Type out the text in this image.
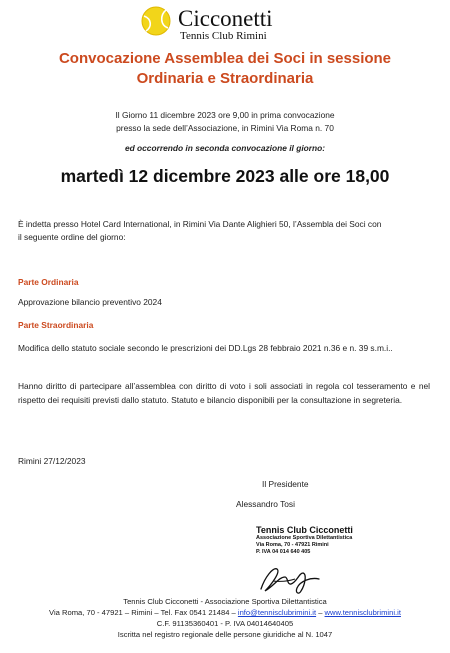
Cicconetti
Tennis Club Rimini
Convocazione Assemblea dei Soci in sessione
Ordinaria e Straordinaria
Il Giorno 11 dicembre 2023 ore 9,00 in prima convocazione
presso la sede dell’Associazione, in Rimini Via Roma n. 70
ed occorrendo in seconda convocazione il giorno:
martedì 12 dicembre 2023 alle ore 18,00
È indetta presso Hotel Card International, in Rimini Via Dante Alighieri 50, l’Assembla dei Soci con
il seguente ordine del giorno:
Parte Ordinaria
Approvazione bilancio preventivo 2024
Parte Straordinaria
Modifica dello statuto sociale secondo le prescrizioni dei DD.Lgs 28 febbraio 2021 n.36 e n. 39 s.m.i..
Hanno diritto di partecipare all’assemblea con diritto di voto i soli associati in regola col tesseramento e nel rispetto dei requisiti previsti dallo statuto. Statuto e bilancio disponibili per la consultazione in segreteria.
Rimini 27/12/2023
Il Presidente
Alessandro Tosi
Tennis Club Cicconetti
Associazione Sportiva Dilettantistica
Via Roma, 70 - 47921 Rimini
P. IVA 04 014 640 405
Tennis Club Cicconetti - Associazione Sportiva Dilettantistica
Via Roma, 70 - 47921 – Rimini – Tel. Fax 0541 21484 – info@tennisclubrimini.it – www.tennisclubrimini.it
C.F. 91135360401 - P. IVA 04014640405
Iscritta nel registro regionale delle persone giuridiche al N. 1047
